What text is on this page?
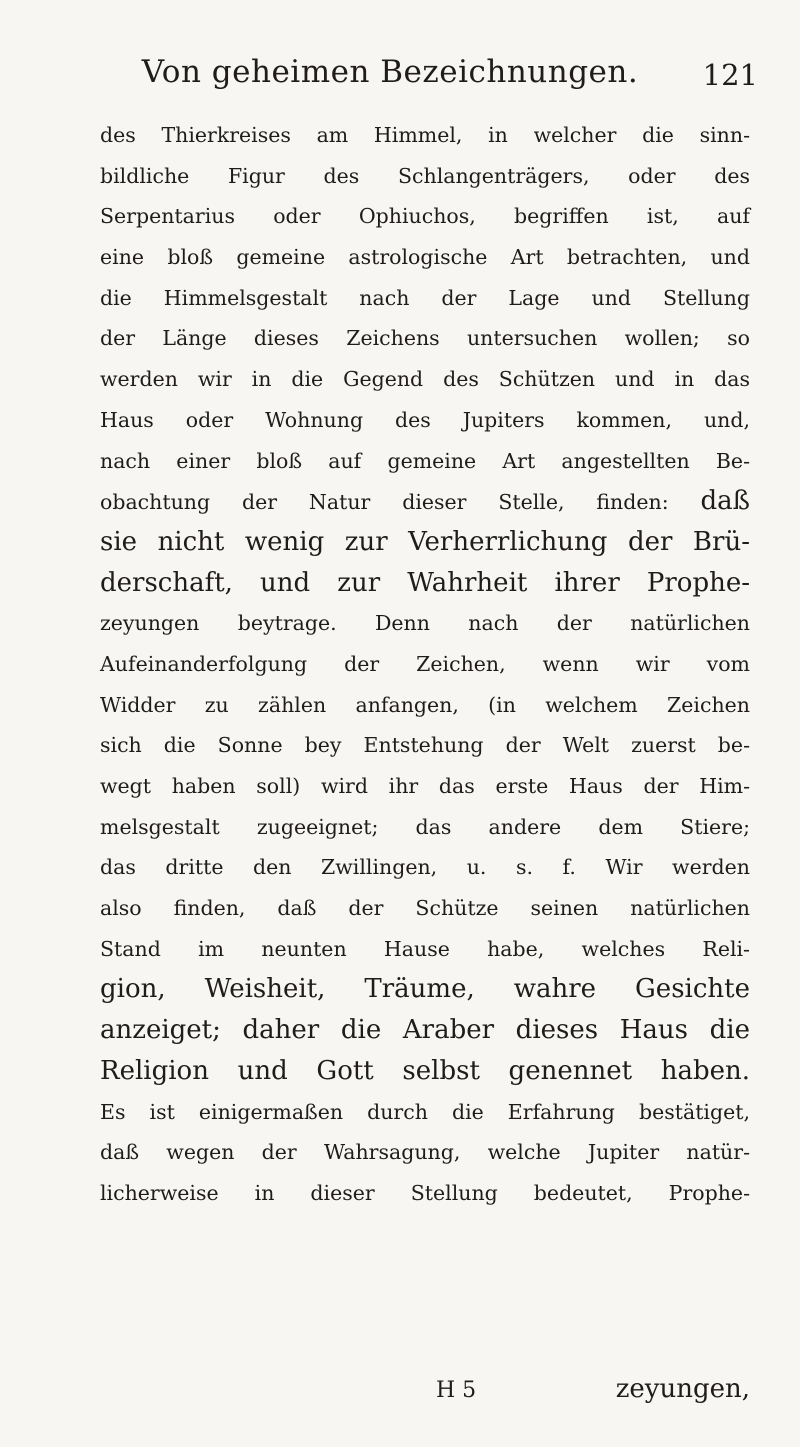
Von geheimen Bezeichnungen.	121
des Thierkreises am Himmel, in welcher die sinn-
bildliche Figur des Schlangenträgers, oder des
Serpentarius oder Ophiuchos, begriffen ist, auf
eine bloß gemeine astrologische Art betrachten, und
die Himmelsgestalt nach der Lage und Stellung
der Länge dieses Zeichens untersuchen wollen; so
werden wir in die Gegend des Schützen und in das
Haus oder Wohnung des Jupiters kommen, und,
nach einer bloß auf gemeine Art angestellten Be-
obachtung der Natur dieser Stelle, finden: daß
sie nicht wenig zur Verherrlichung der Brü-
derschaft, und zur Wahrheit ihrer Prophe-
zeyungen beytrage. Denn nach der natürlichen
Aufeinanderfolgung der Zeichen, wenn wir vom
Widder zu zählen anfangen, (in welchem Zeichen
sich die Sonne bey Entstehung der Welt zuerst be-
wegt haben soll) wird ihr das erste Haus der Him-
melsgestalt zugeeignet; das andere dem Stiere;
das dritte den Zwillingen, u. s. f. Wir werden
also finden, daß der Schütze seinen natürlichen
Stand im neunten Hause habe, welches Reli-
gion, Weisheit, Träume, wahre Gesichte
anzeiget; daher die Araber dieses Haus die
Religion und Gott selbst genennet haben.
Es ist einigermaßen durch die Erfahrung bestätiget,
daß wegen der Wahrsagung, welche Jupiter natür-
licherweise in dieser Stellung bedeutet, Prophe-
H 5	zeyungen,
